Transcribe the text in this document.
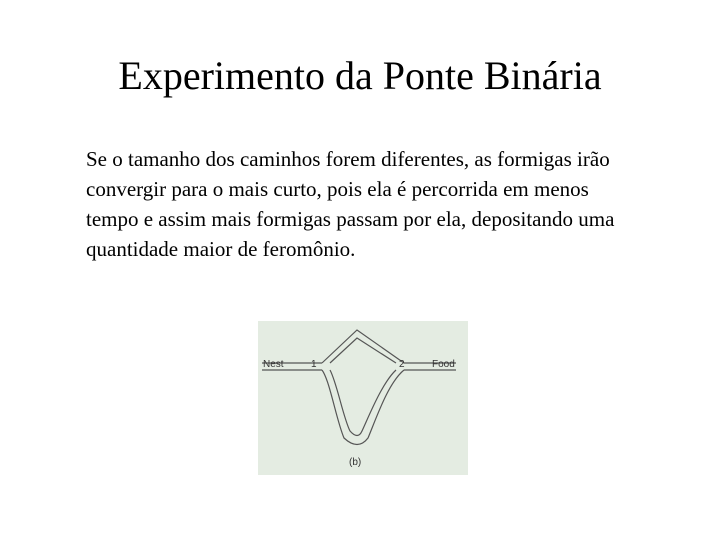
Experimento da Ponte Binária
Se o tamanho dos caminhos forem diferentes, as formigas irão convergir para o mais curto, pois ela é percorrida em menos tempo e assim mais formigas passam por ela, depositando uma quantidade maior de feromônio.
Nest	1	2	Food
(b)
